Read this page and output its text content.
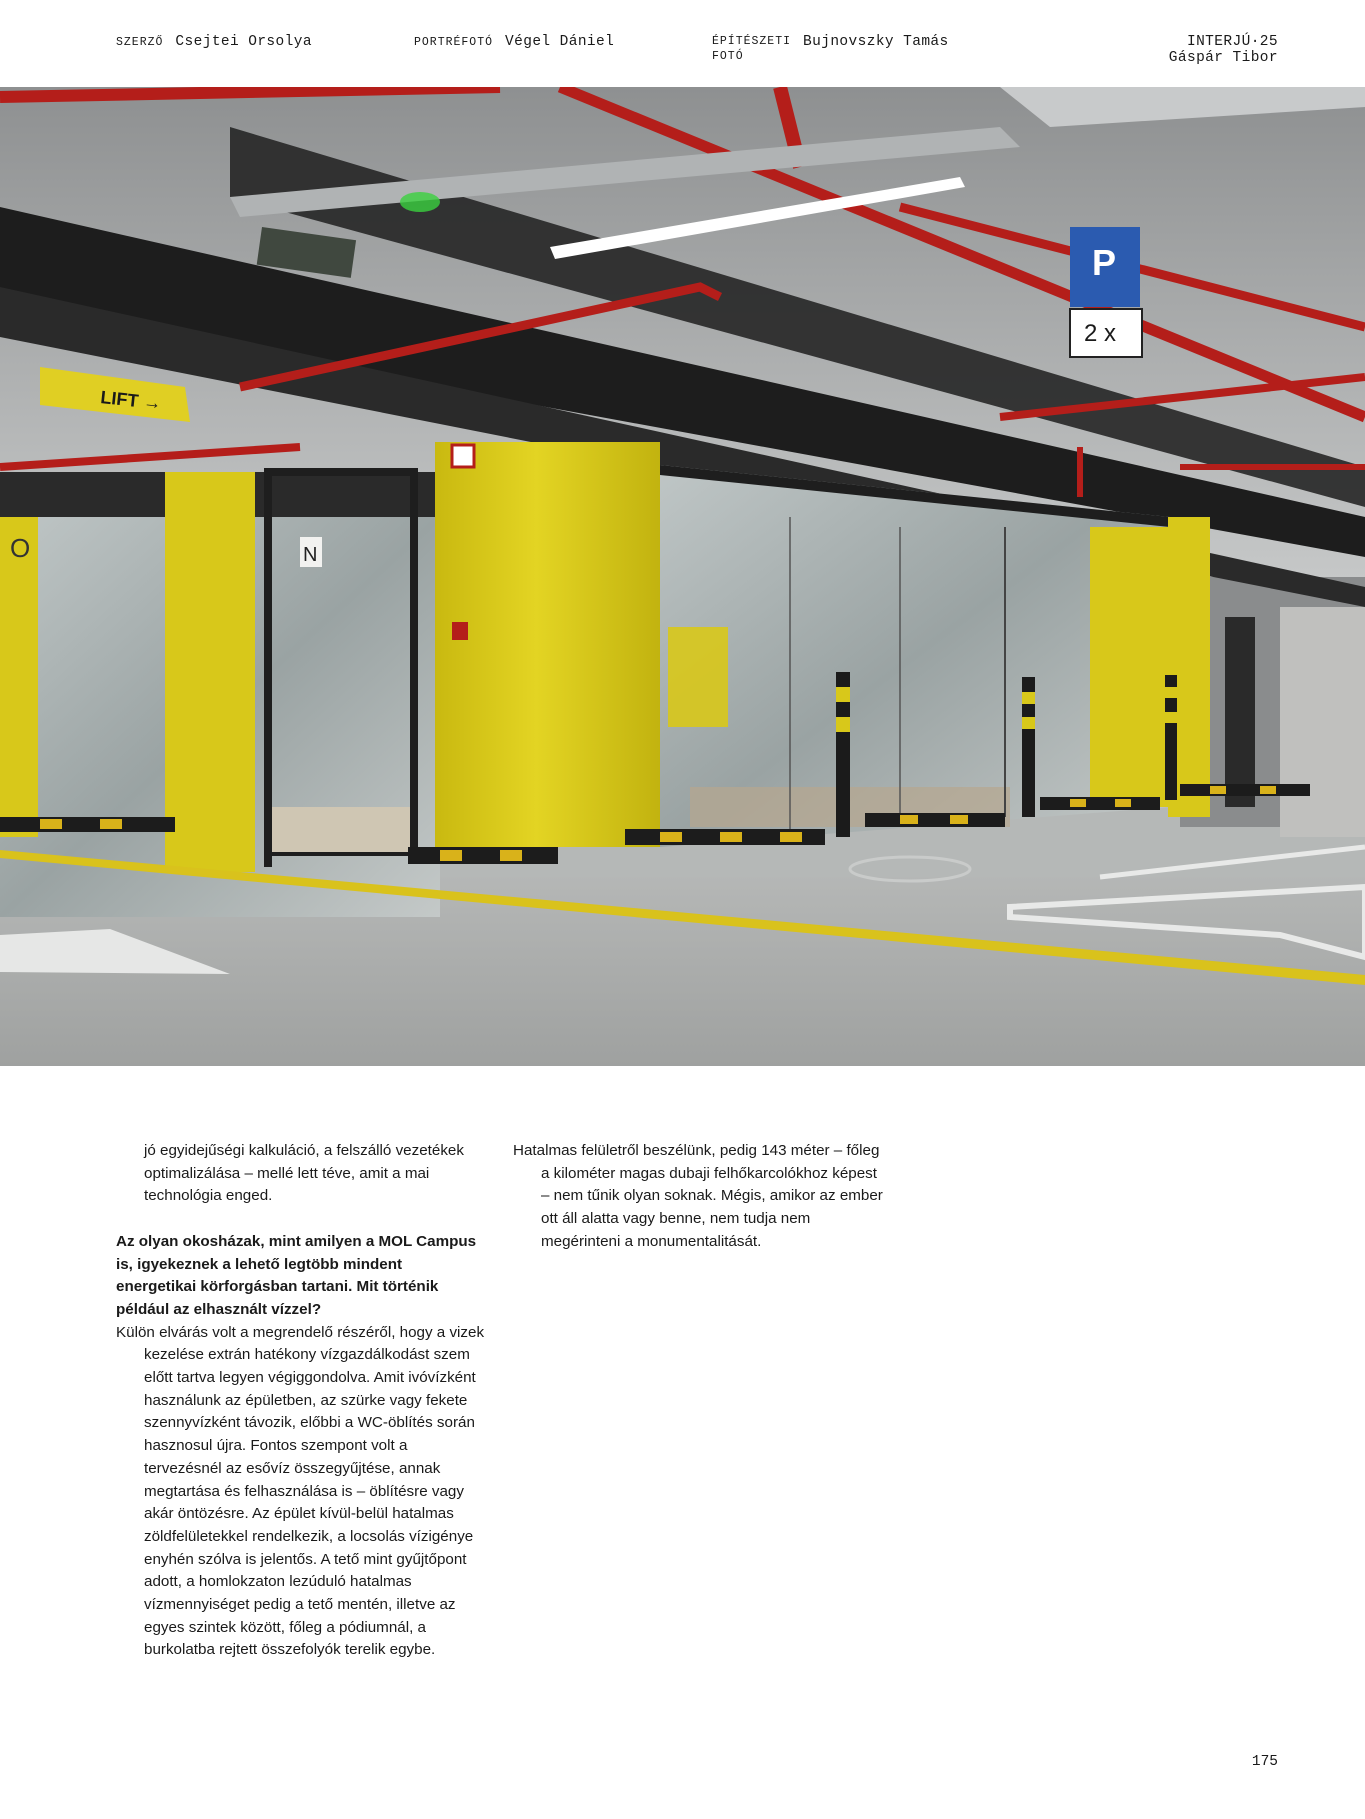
SZERZŐ Csejtei Orsolya	PORTRÉFOTÓ Végel Dániel	ÉPÍTÉSZETI
FOTÓ
Bujnovszky Tamás	INTERJÚ·25
Gáspár Tibor
LIFT →
P
2 x
O	N

jó egyidejűségi kalkuláció, a felszálló vezetékek optimalizálása – mellé lett téve, amit a mai technológia enged.

Az olyan okosházak, mint amilyen a MOL Campus is, igyekeznek a lehető legtöbb mindent energetikai körforgásban tartani. Mit történik például az elhasznált vízzel?

Külön elvárás volt a megrendelő részéről, hogy a vizek kezelése extrán hatékony vízgazdálkodást szem előtt tartva legyen végiggondolva. Amit ivóvízként használunk az épületben, az szürke vagy fekete szennyvízként távozik, előbbi a WC-öblítés során hasznosul újra. Fontos szempont volt a tervezésnél az esővíz összegyűjtése, annak megtartása és felhasználása is – öblítésre vagy akár öntözésre. Az épület kívül-belül hatalmas zöldfelületekkel rendelkezik, a locsolás vízigénye enyhén szólva is jelentős. A tető mint gyűjtőpont adott, a homlokzaton lezúduló hatalmas vízmennyiséget pedig a tető mentén, illetve az egyes szintek között, főleg a pódiumnál, a burkolatba rejtett összefolyók terelik egybe.

Hatalmas felületről beszélünk, pedig 143 méter – főleg a kilométer magas dubaji felhőkarcolókhoz képest – nem tűnik olyan soknak. Mégis, amikor az ember ott áll alatta vagy benne, nem tudja nem megérinteni a monumentalitását.

175
